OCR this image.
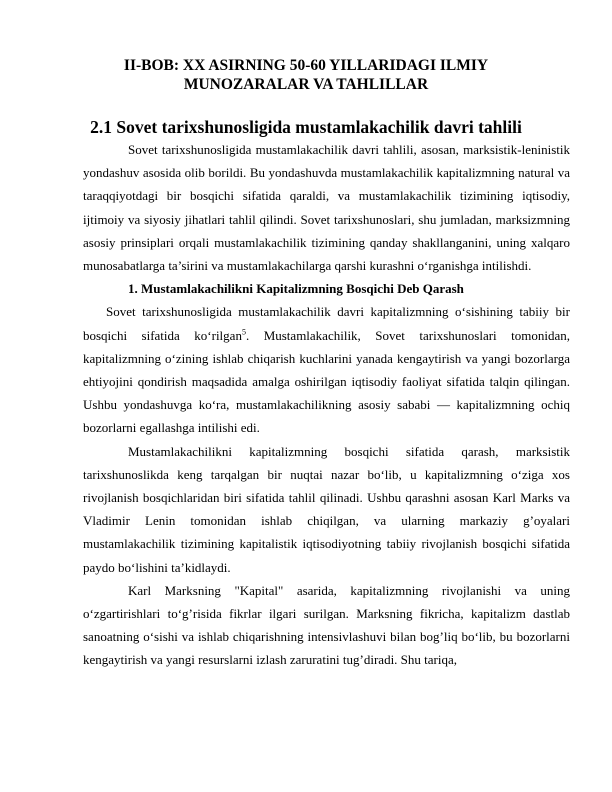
II-BOB: XX ASIRNING 50-60 YILLARIDAGI ILMIY
MUNOZARALAR VA TAHLILLAR
2.1 Sovet tarixshunosligida mustamlakachilik davri tahlili

Sovet tarixshunosligida mustamlakachilik davri tahlili, asosan, marksistik-leninistik yondashuv asosida olib borildi. Bu yondashuvda mustamlakachilik kapitalizmning natural va taraqqiyotdagi bir bosqichi sifatida qaraldi, va mustamlakachilik tizimining iqtisodiy, ijtimoiy va siyosiy jihatlari tahlil qilindi. Sovet tarixshunoslari, shu jumladan, marksizmning asosiy prinsiplari orqali mustamlakachilik tizimining qanday shakllanganini, uning xalqaro munosabatlarga ta’sirini va mustamlakachilarga qarshi kurashni o‘rganishga intilishdi.

1. Mustamlakachilikni Kapitalizmning Bosqichi Deb Qarash

Sovet tarixshunosligida mustamlakachilik davri kapitalizmning o‘sishining tabiiy bir bosqichi sifatida ko‘rilgan$^5$. Mustamlakachilik, Sovet tarixshunoslari tomonidan, kapitalizmning o‘zining ishlab chiqarish kuchlarini yanada kengaytirish va yangi bozorlarga ehtiyojini qondirish maqsadida amalga oshirilgan iqtisodiy faoliyat sifatida talqin qilingan. Ushbu yondashuvga ko‘ra, mustamlakachilikning asosiy sababi — kapitalizmning ochiq bozorlarni egallashga intilishi edi.

Mustamlakachilikni kapitalizmning bosqichi sifatida qarash, marksistik tarixshunoslikda keng tarqalgan bir nuqtai nazar bo‘lib, u kapitalizmning o‘ziga xos rivojlanish bosqichlaridan biri sifatida tahlil qilinadi. Ushbu qarashni asosan Karl Marks va Vladimir Lenin tomonidan ishlab chiqilgan, va ularning markaziy g’oyalari mustamlakachilik tizimining kapitalistik iqtisodiyotning tabiiy rivojlanish bosqichi sifatida paydo bo‘lishini ta’kidlaydi.

Karl Marksning "Kapital" asarida, kapitalizmning rivojlanishi va uning o‘zgartirishlari to‘g’risida fikrlar ilgari surilgan. Marksning fikricha, kapitalizm dastlab sanoatning o‘sishi va ishlab chiqarishning intensivlashuvi bilan bog’liq bo‘lib, bu bozorlarni kengaytirish va yangi resurslarni izlash zaruratini tug’diradi. Shu tariqa,
